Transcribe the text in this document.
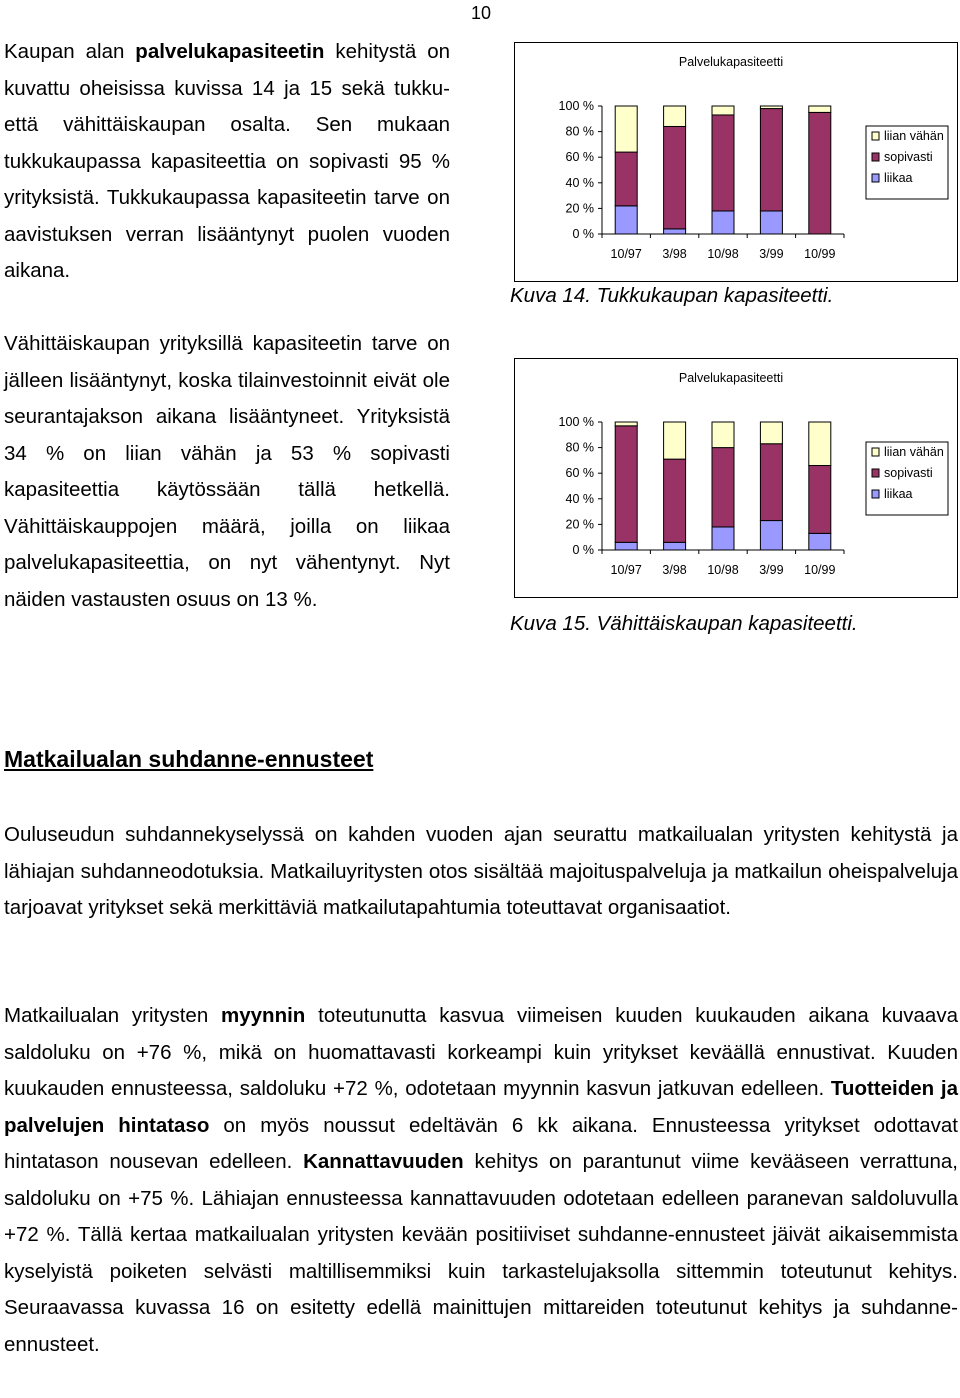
10

Kaupan alan palvelukapasiteetin kehitystä on kuvattu oheisissa kuvissa 14 ja 15 sekä tukku- että vähittäiskaupan osalta. Sen mukaan tukkukaupassa kapasiteettia on sopivasti 95 % yrityksistä. Tukkukaupassa kapasiteetin tarve on aavistuksen verran lisääntynyt puolen vuoden aikana.

Vähittäiskaupan yrityksillä kapasiteetin tarve on jälleen lisääntynyt, koska tilainvestoinnit eivät ole seurantajakson aikana lisääntyneet. Yrityksistä 34 % on liian vähän ja 53 % sopivasti kapasiteettia käytössään tällä hetkellä. Vähittäiskauppojen määrä, joilla on liikaa palvelukapasiteettia, on nyt vähentynyt. Nyt näiden vastausten osuus on 13 %.

Palvelukapasiteetti
0 %
20 %
40 %
60 %
80 %
100 %
10/97 3/98 10/98 3/99 10/99
liian vähän
sopivasti
liikaa
Kuva 14. Tukkukaupan kapasiteetti.
Palvelukapasiteetti
0 %
20 %
40 %
60 %
80 %
100 %
10/97 3/98 10/98 3/99 10/99
liian vähän
sopivasti
liikaa
Kuva 15. Vähittäiskaupan kapasiteetti.
Matkailualan suhdanne-ennusteet

Ouluseudun suhdannekyselyssä on kahden vuoden ajan seurattu matkailualan yritysten kehitystä ja lähiajan suhdanneodotuksia. Matkailuyritysten otos sisältää majoituspalveluja ja matkailun oheispalveluja tarjoavat yritykset sekä merkittäviä matkailutapahtumia toteuttavat organisaatiot.

Matkailualan yritysten myynnin toteutunutta kasvua viimeisen kuuden kuukauden aikana kuvaava saldoluku on +76 %, mikä on huomattavasti korkeampi kuin yritykset keväällä ennustivat. Kuuden kuukauden ennusteessa, saldoluku +72 %, odotetaan myynnin kasvun jatkuvan edelleen. Tuotteiden ja palvelujen hintataso on myös noussut edeltävän 6 kk aikana. Ennusteessa yritykset odottavat hintatason nousevan edelleen. Kannattavuuden kehitys on parantunut viime kevääseen verrattuna, saldoluku on +75 %. Lähiajan ennusteessa kannattavuuden odotetaan edelleen paranevan saldoluvulla +72 %. Tällä kertaa matkailualan yritysten kevään positiiviset suhdanne-ennusteet jäivät aikaisemmista kyselyistä poiketen selvästi maltillisemmiksi kuin tarkastelujaksolla sittemmin toteutunut kehitys. Seuraavassa kuvassa 16 on esitetty edellä mainittujen mittareiden toteutunut kehitys ja suhdanne-ennusteet.
